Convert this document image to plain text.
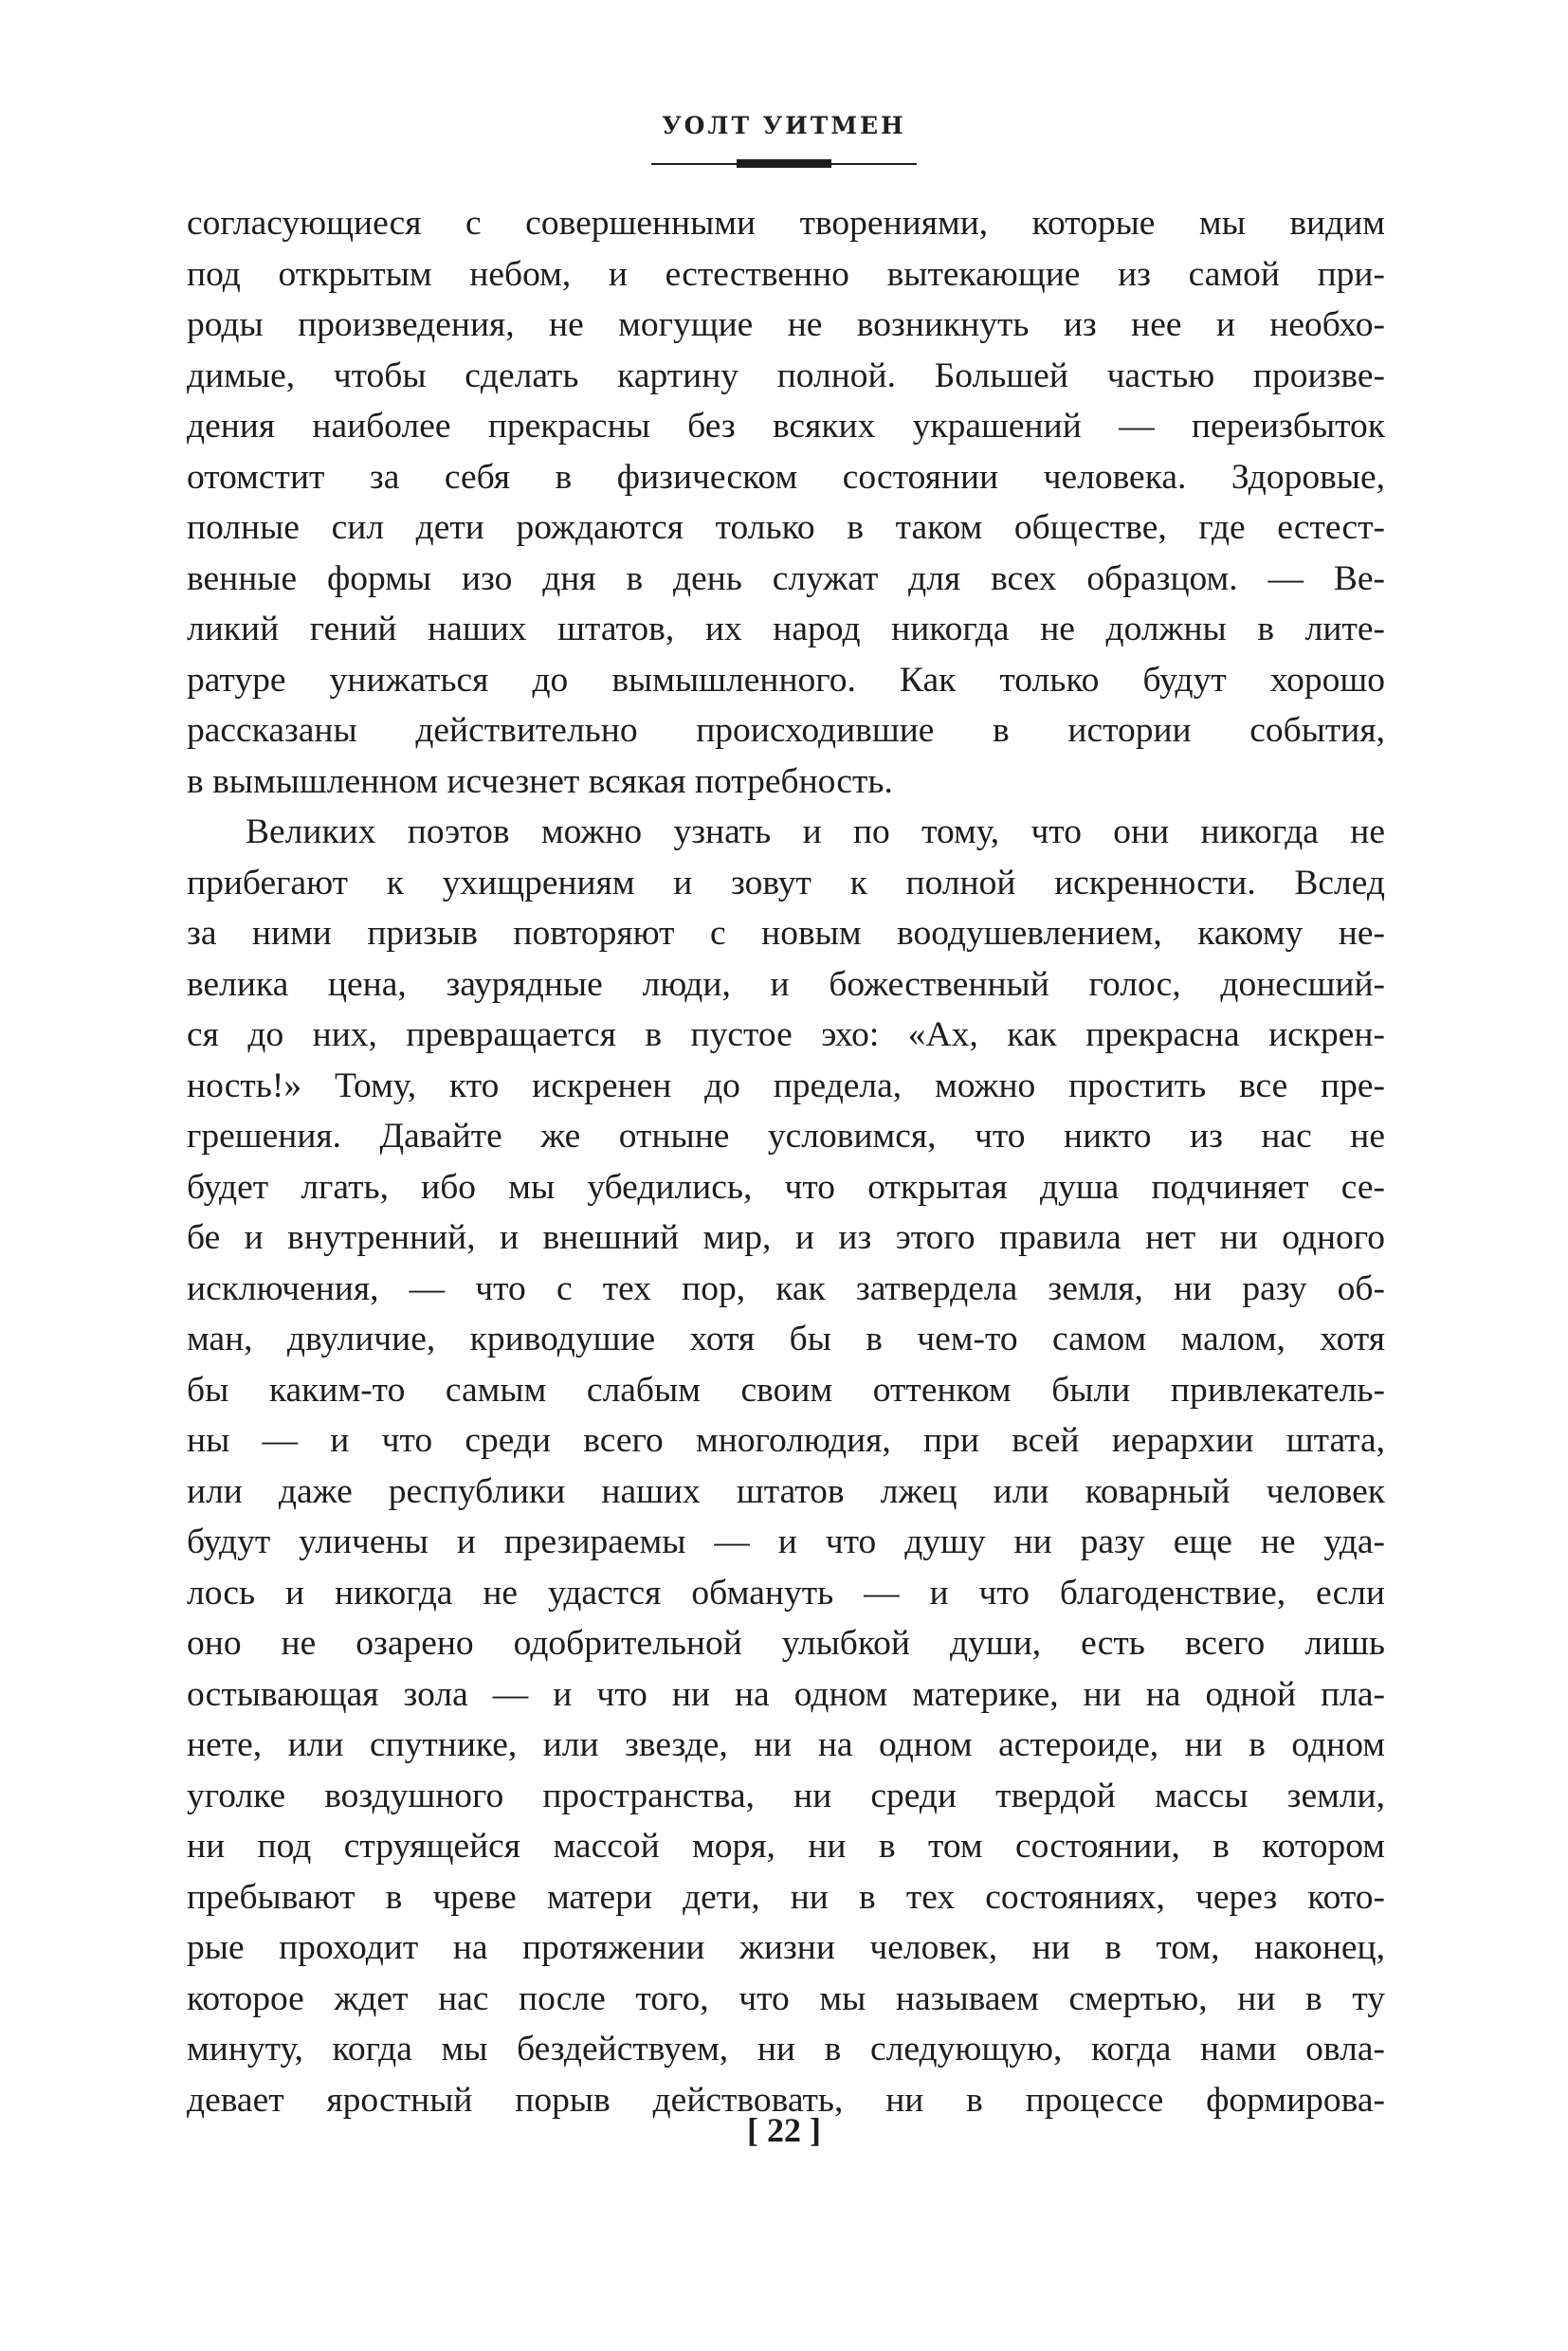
УОЛТ УИТМЕН
согласующиеся с совершенными творениями, которые мы видим
под открытым небом, и естественно вытекающие из самой при-
роды произведения, не могущие не возникнуть из нее и необхо-
димые, чтобы сделать картину полной. Большей частью произве-
дения наиболее прекрасны без всяких украшений — переизбыток
отомстит за себя в физическом состоянии человека. Здоровые,
полные сил дети рождаются только в таком обществе, где естест-
венные формы изо дня в день служат для всех образцом. — Ве-
ликий гений наших штатов, их народ никогда не должны в лите-
ратуре унижаться до вымышленного. Как только будут хорошо
рассказаны действительно происходившие в истории события,
в вымышленном исчезнет всякая потребность.
Великих поэтов можно узнать и по тому, что они никогда не
прибегают к ухищрениям и зовут к полной искренности. Вслед
за ними призыв повторяют с новым воодушевлением, какому не-
велика цена, заурядные люди, и божественный голос, донесший-
ся до них, превращается в пустое эхо: «Ах, как прекрасна искрен-
ность!» Тому, кто искренен до предела, можно простить все пре-
грешения. Давайте же отныне условимся, что никто из нас не
будет лгать, ибо мы убедились, что открытая душа подчиняет се-
бе и внутренний, и внешний мир, и из этого правила нет ни одного
исключения, — что с тех пор, как затвердела земля, ни разу об-
ман, двуличие, криводушие хотя бы в чем-то самом малом, хотя
бы каким-то самым слабым своим оттенком были привлекатель-
ны — и что среди всего многолюдия, при всей иерархии штата,
или даже республики наших штатов лжец или коварный человек
будут уличены и презираемы — и что душу ни разу еще не уда-
лось и никогда не удастся обмануть — и что благоденствие, если
оно не озарено одобрительной улыбкой души, есть всего лишь
остывающая зола — и что ни на одном материке, ни на одной пла-
нете, или спутнике, или звезде, ни на одном астероиде, ни в одном
уголке воздушного пространства, ни среди твердой массы земли,
ни под струящейся массой моря, ни в том состоянии, в котором
пребывают в чреве матери дети, ни в тех состояниях, через кото-
рые проходит на протяжении жизни человек, ни в том, наконец,
которое ждет нас после того, что мы называем смертью, ни в ту
минуту, когда мы бездействуем, ни в следующую, когда нами овла-
девает яростный порыв действовать, ни в процессе формирова-
[ 22 ]
